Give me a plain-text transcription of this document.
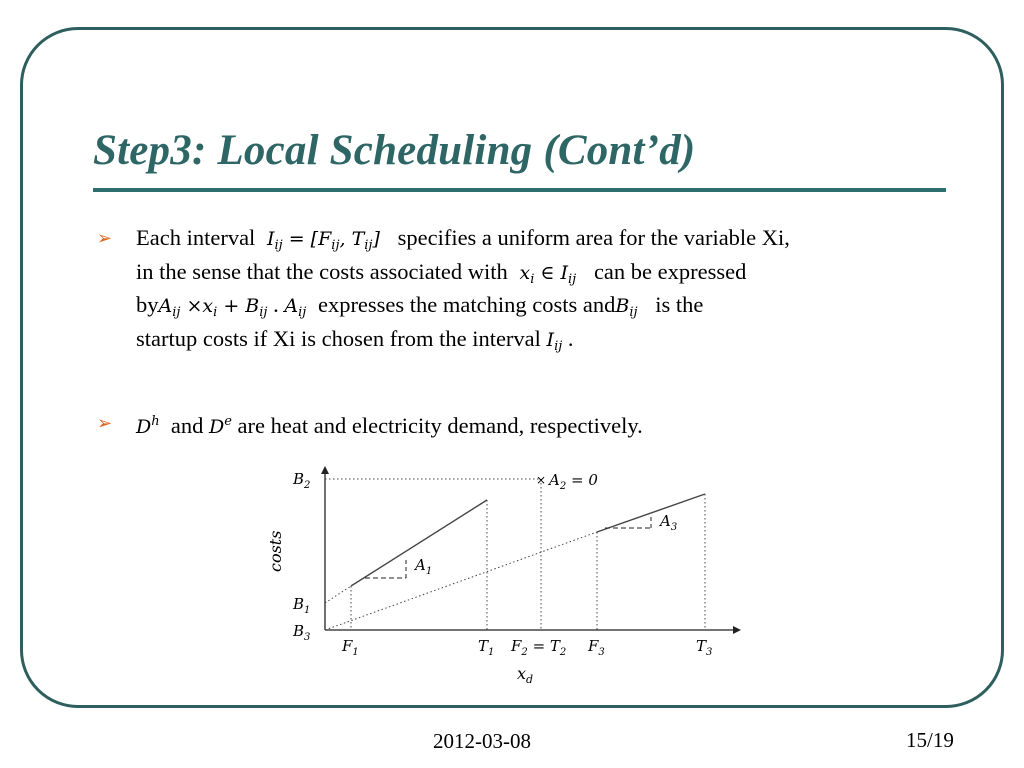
Step3: Local Scheduling (Cont’d)
➢ Each interval  $I_{ij} = [F_{ij}$, $T_{ij}$]   specifies a uniform area for the variable Xi,
in the sense that the costs associated with  $x_i$ ∈ $I_{ij}$ can be expressed
$byA_{ij} \times x_i + B_{ij}$ . $A_{ij}$ expresses the matching costs andB$_{ij}$ is the
startup costs if Xi is chosen from the interval $I_{ij}$ .
➢ $D^h$ and De are heat and electricity demand, respectively.
× $A_2 = 0$
$A_1$
$A_3$
$B_2$
$B_1$
$B_3$ $F_1$	$T_1$ $F_2 = T_2$ $F_3$	$T_3$
$x_d$
costs
2012-03-08	15/19
